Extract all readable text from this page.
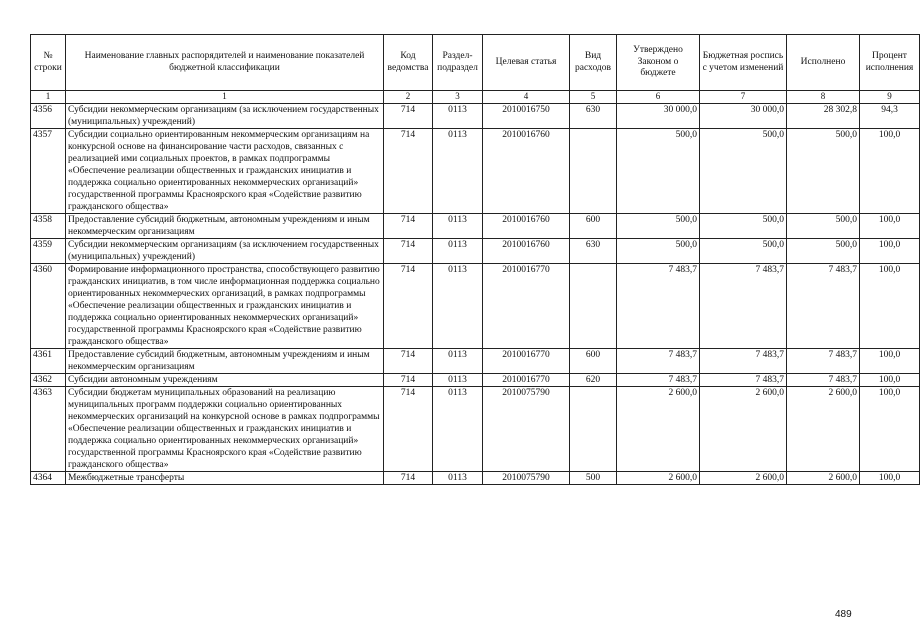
№ строки	Наименование главных распорядителей и наименование показателей бюджетной классификации	Код ведомства	Раздел-подраздел	Целевая статья	Вид расходов	Утверждено Законом о бюджете	Бюджетная роспись с учетом изменений	Исполнено	Процент исполнения
1	1	2	3	4	5	6	7	8	9
4356	Субсидии некоммерческим организациям (за исключением государственных (муниципальных) учреждений)	714	0113	2010016750	630	30 000,0	30 000,0	28 302,8	94,3
4357	Субсидии социально ориентированным некоммерческим организациям на конкурсной основе на финансирование части расходов, связанных с реализацией ими социальных проектов, в рамках подпрограммы «Обеспечение реализации общественных и гражданских инициатив и поддержка социально ориентированных некоммерческих организаций» государственной программы Красноярского края «Содействие развитию гражданского общества»	714	0113	2010016760		500,0	500,0	500,0	100,0
4358	Предоставление субсидий бюджетным, автономным учреждениям и иным некоммерческим организациям	714	0113	2010016760	600	500,0	500,0	500,0	100,0
4359	Субсидии некоммерческим организациям (за исключением государственных (муниципальных) учреждений)	714	0113	2010016760	630	500,0	500,0	500,0	100,0
4360	Формирование информационного пространства, способствующего развитию гражданских инициатив, в том числе информационная поддержка социально ориентированных некоммерческих организаций, в рамках подпрограммы «Обеспечение реализации общественных и гражданских инициатив и поддержка социально ориентированных некоммерческих организаций» государственной программы Красноярского края «Содействие развитию гражданского общества»	714	0113	2010016770		7 483,7	7 483,7	7 483,7	100,0
4361	Предоставление субсидий бюджетным, автономным учреждениям и иным некоммерческим организациям	714	0113	2010016770	600	7 483,7	7 483,7	7 483,7	100,0
4362	Субсидии автономным учреждениям	714	0113	2010016770	620	7 483,7	7 483,7	7 483,7	100,0
4363	Субсидии бюджетам муниципальных образований на реализацию муниципальных программ поддержки социально ориентированных некоммерческих организаций на конкурсной основе в рамках подпрограммы «Обеспечение реализации общественных и гражданских инициатив и поддержка социально ориентированных некоммерческих организаций» государственной программы Красноярского края «Содействие развитию гражданского общества»	714	0113	2010075790		2 600,0	2 600,0	2 600,0	100,0
4364	Межбюджетные трансферты	714	0113	2010075790	500	2 600,0	2 600,0	2 600,0	100,0
489
